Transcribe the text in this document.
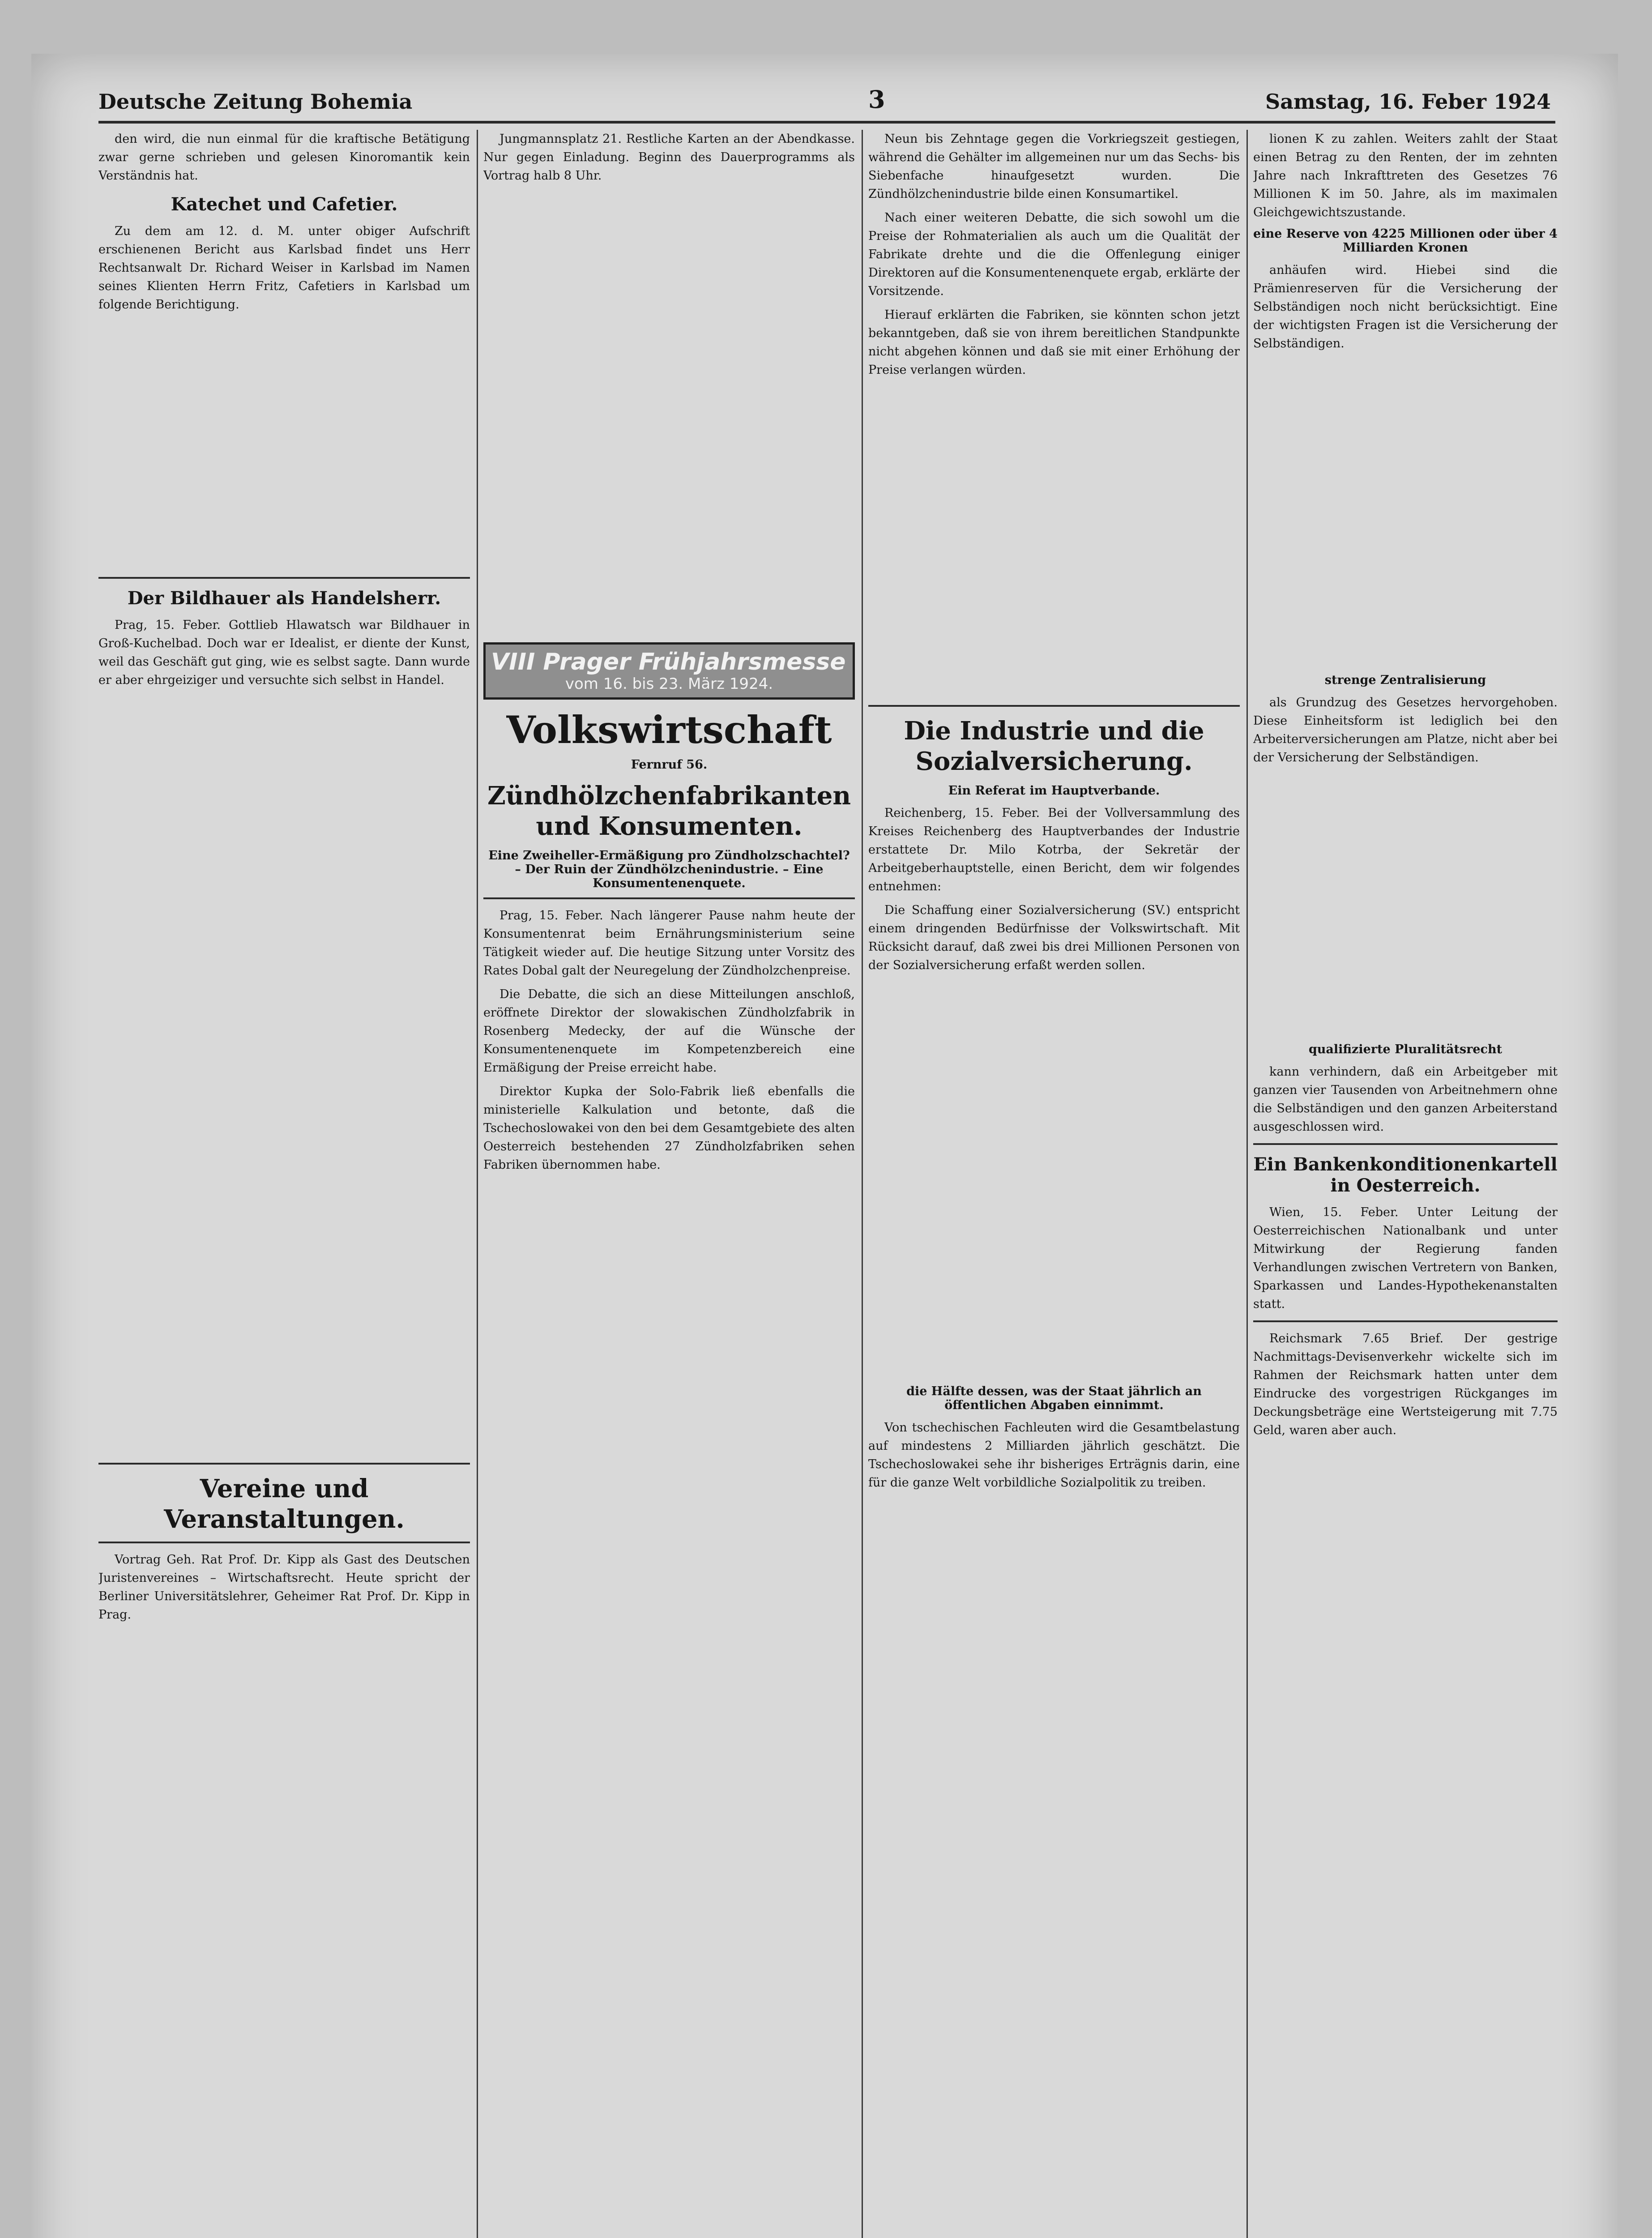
Deutsche Zeitung Bohemia	3	Samstag, 16. Feber 1924

den wird, die nun einmal für die kraftische Betätigung zwar gerne schrieben und gelesen Kinoromantik kein Verständnis hat.

Katechet und Cafetier.

Zu dem am 12. d. M. unter obiger Aufschrift erschienenen Bericht aus Karlsbad findet uns Herr Rechtsanwalt Dr. Richard Weiser in Karlsbad im Namen seines Klienten Herrn Fritz, Cafetiers in Karlsbad um folgende Berichtigung.

Der Bildhauer als Handelsherr.

Prag, 15. Feber. Gottlieb Hlawatsch war Bildhauer in Groß-Kuchelbad. Doch war er Idealist, er diente der Kunst, weil das Geschäft gut ging, wie es selbst sagte. Dann wurde er aber ehrgeiziger und versuchte sich selbst in Handel.

Vereine und Veranstaltungen.

Vortrag Geh. Rat Prof. Dr. Kipp als Gast des Deutschen Juristenvereines – Wirtschaftsrecht. Heute spricht der Berliner Universitätslehrer, Geheimer Rat Prof. Dr. Kipp in Prag.

Jungmannsplatz 21. Restliche Karten an der Abendkasse. Nur gegen Einladung. Beginn des Dauerprogramms als Vortrag halb 8 Uhr.

VIII Prager Frühjahrsmesse
vom 16. bis 23. März 1924.
Volkswirtschaft
Fernruf 56.
Zündhölzchenfabrikanten und Konsumenten.
Eine Zweiheller-Ermäßigung pro Zündholzschachtel? – Der Ruin der Zündhölzchenindustrie. – Eine Konsumentenenquete.

Prag, 15. Feber. Nach längerer Pause nahm heute der Konsumentenrat beim Ernährungsministerium seine Tätigkeit wieder auf. Die heutige Sitzung unter Vorsitz des Rates Dobal galt der Neuregelung der Zündholzchenpreise.

Die Debatte, die sich an diese Mitteilungen anschloß, eröffnete Direktor der slowakischen Zündholzfabrik in Rosenberg Medecky, der auf die Wünsche der Konsumentenenquete im Kompetenzbereich eine Ermäßigung der Preise erreicht habe.

Direktor Kupka der Solo-Fabrik ließ ebenfalls die ministerielle Kalkulation und betonte, daß die Tschechoslowakei von den bei dem Gesamtgebiete des alten Oesterreich bestehenden 27 Zündholzfabriken sehen Fabriken übernommen habe.

Neun bis Zehntage gegen die Vorkriegszeit gestiegen, während die Gehälter im allgemeinen nur um das Sechs- bis Siebenfache hinaufgesetzt wurden. Die Zündhölzchenindustrie bilde einen Konsumartikel.

Nach einer weiteren Debatte, die sich sowohl um die Preise der Rohmaterialien als auch um die Qualität der Fabrikate drehte und die die Offenlegung einiger Direktoren auf die Konsumentenenquete ergab, erklärte der Vorsitzende.

Hierauf erklärten die Fabriken, sie könnten schon jetzt bekanntgeben, daß sie von ihrem bereitlichen Standpunkte nicht abgehen können und daß sie mit einer Erhöhung der Preise verlangen würden.

Die Industrie und die Sozialversicherung.
Ein Referat im Hauptverbande.

Reichenberg, 15. Feber. Bei der Vollversammlung des Kreises Reichenberg des Hauptverbandes der Industrie erstattete Dr. Milo Kotrba, der Sekretär der Arbeitgeberhauptstelle, einen Bericht, dem wir folgendes entnehmen:

Die Schaffung einer Sozialversicherung (SV.) entspricht einem dringenden Bedürfnisse der Volkswirtschaft. Mit Rücksicht darauf, daß zwei bis drei Millionen Personen von der Sozialversicherung erfaßt werden sollen.

die Hälfte dessen, was der Staat jährlich an öffentlichen Abgaben einnimmt.

Von tschechischen Fachleuten wird die Gesamtbelastung auf mindestens 2 Milliarden jährlich geschätzt. Die Tschechoslowakei sehe ihr bisheriges Erträgnis darin, eine für die ganze Welt vorbildliche Sozialpolitik zu treiben.

lionen K zu zahlen. Weiters zahlt der Staat einen Betrag zu den Renten, der im zehnten Jahre nach Inkrafttreten des Gesetzes 76 Millionen K im 50. Jahre, als im maximalen Gleichgewichtszustande.

eine Reserve von 4225 Millionen oder über 4 Milliarden Kronen

anhäufen wird. Hiebei sind die Prämienreserven für die Versicherung der Selbständigen noch nicht berücksichtigt. Eine der wichtigsten Fragen ist die Versicherung der Selbständigen.

strenge Zentralisierung

als Grundzug des Gesetzes hervorgehoben. Diese Einheitsform ist lediglich bei den Arbeiterversicherungen am Platze, nicht aber bei der Versicherung der Selbständigen.

qualifizierte Pluralitätsrecht

kann verhindern, daß ein Arbeitgeber mit ganzen vier Tausenden von Arbeitnehmern ohne die Selbständigen und den ganzen Arbeiterstand ausgeschlossen wird.

Ein Bankenkonditionenkartell in Oesterreich.

Wien, 15. Feber. Unter Leitung der Oesterreichischen Nationalbank und unter Mitwirkung der Regierung fanden Verhandlungen zwischen Vertretern von Banken, Sparkassen und Landes-Hypothekenanstalten statt.

Reichsmark 7.65 Brief. Der gestrige Nachmittags-Devisenverkehr wickelte sich im Rahmen der Reichsmark hatten unter dem Eindrucke des vorgestrigen Rückganges im Deckungsbeträge eine Wertsteigerung mit 7.75 Geld, waren aber auch.
